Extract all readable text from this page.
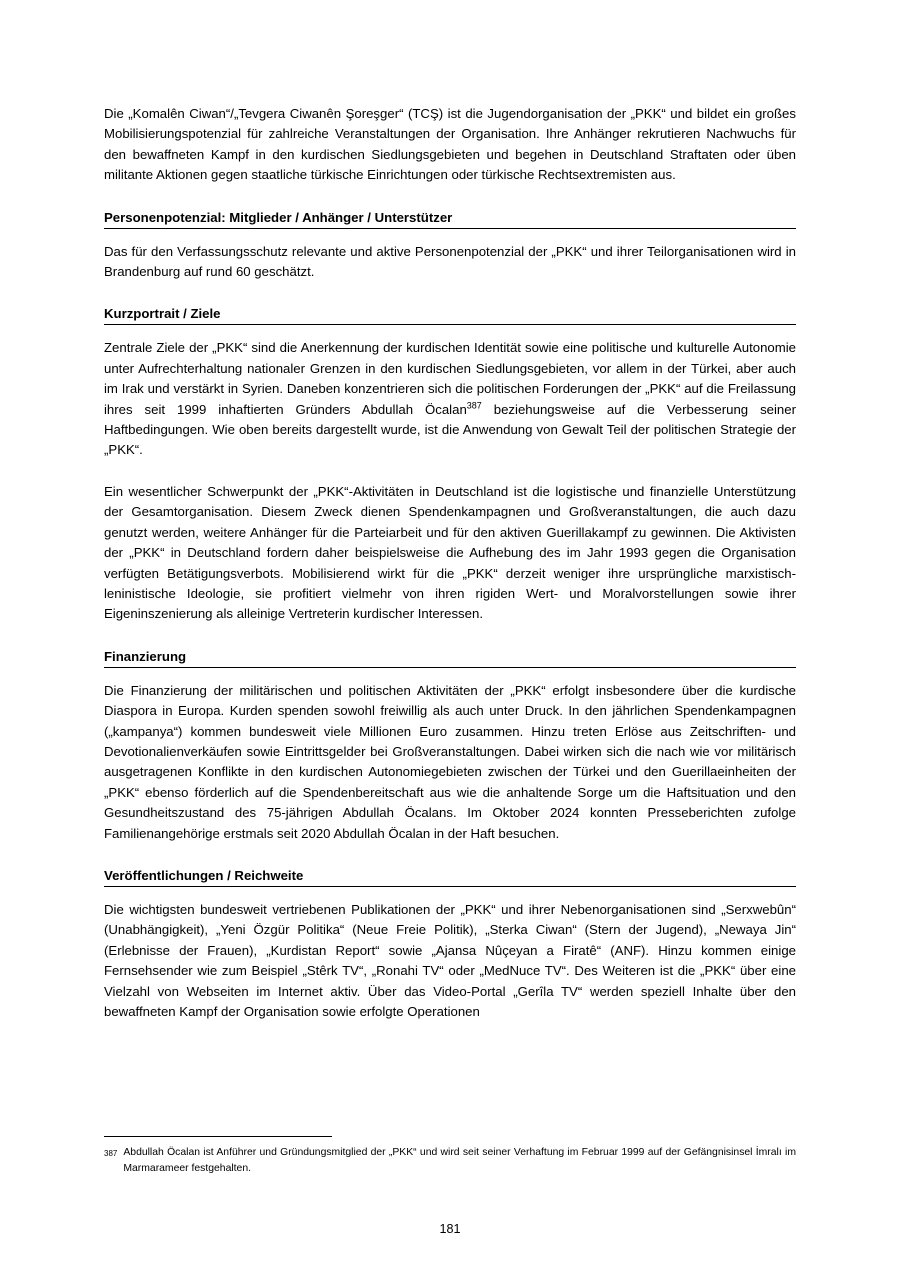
Die „Komalên Ciwan“/„Tevgera Ciwanên Şoreşger“ (TCŞ) ist die Jugendorganisation der „PKK“ und bildet ein großes Mobilisierungspotenzial für zahlreiche Veranstaltungen der Organisation. Ihre Anhänger rekrutieren Nachwuchs für den bewaffneten Kampf in den kurdischen Siedlungsgebieten und begehen in Deutschland Straftaten oder üben militante Aktionen gegen staatliche türkische Einrichtungen oder türkische Rechtsextremisten aus.

Personenpotenzial: Mitglieder / Anhänger / Unterstützer

Das für den Verfassungsschutz relevante und aktive Personenpotenzial der „PKK“ und ihrer Teilorganisationen wird in Brandenburg auf rund 60 geschätzt.

Kurzportrait / Ziele

Zentrale Ziele der „PKK“ sind die Anerkennung der kurdischen Identität sowie eine politische und kulturelle Autonomie unter Aufrechterhaltung nationaler Grenzen in den kurdischen Siedlungsgebieten, vor allem in der Türkei, aber auch im Irak und verstärkt in Syrien. Daneben konzentrieren sich die politischen Forderungen der „PKK“ auf die Freilassung ihres seit 1999 inhaftierten Gründers Abdullah Öcalan$^{387}$ beziehungsweise auf die Verbesserung seiner Haftbedingungen. Wie oben bereits dargestellt wurde, ist die Anwendung von Gewalt Teil der politischen Strategie der „PKK“.

Ein wesentlicher Schwerpunkt der „PKK“-Aktivitäten in Deutschland ist die logistische und finanzielle Unterstützung der Gesamtorganisation. Diesem Zweck dienen Spendenkampagnen und Großveranstaltungen, die auch dazu genutzt werden, weitere Anhänger für die Parteiarbeit und für den aktiven Guerillakampf zu gewinnen. Die Aktivisten der „PKK“ in Deutschland fordern daher beispielsweise die Aufhebung des im Jahr 1993 gegen die Organisation verfügten Betätigungsverbots. Mobilisierend wirkt für die „PKK“ derzeit weniger ihre ursprüngliche marxistisch-leninistische Ideologie, sie profitiert vielmehr von ihren rigiden Wert- und Moralvorstellungen sowie ihrer Eigeninszenierung als alleinige Vertreterin kurdischer Interessen.

Finanzierung

Die Finanzierung der militärischen und politischen Aktivitäten der „PKK“ erfolgt insbesondere über die kurdische Diaspora in Europa. Kurden spenden sowohl freiwillig als auch unter Druck. In den jährlichen Spendenkampagnen („kampanya“) kommen bundesweit viele Millionen Euro zusammen. Hinzu treten Erlöse aus Zeitschriften- und Devotionalienverkäufen sowie Eintrittsgelder bei Großveranstaltungen. Dabei wirken sich die nach wie vor militärisch ausgetragenen Konflikte in den kurdischen Autonomiegebieten zwischen der Türkei und den Guerillaeinheiten der „PKK“ ebenso förderlich auf die Spendenbereitschaft aus wie die anhaltende Sorge um die Haftsituation und den Gesundheitszustand des 75-jährigen Abdullah Öcalans. Im Oktober 2024 konnten Presseberichten zufolge Familienangehörige erstmals seit 2020 Abdullah Öcalan in der Haft besuchen.

Veröffentlichungen / Reichweite

Die wichtigsten bundesweit vertriebenen Publikationen der „PKK“ und ihrer Nebenorganisationen sind „Serxwebûn“ (Unabhängigkeit), „Yeni Özgür Politika“ (Neue Freie Politik), „Sterka Ciwan“ (Stern der Jugend), „Newaya Jin“ (Erlebnisse der Frauen), „Kurdistan Report“ sowie „Ajansa Nûçeyan a Firatê“ (ANF). Hinzu kommen einige Fernsehsender wie zum Beispiel „Stêrk TV“, „Ronahi TV“ oder „MedNuce TV“. Des Weiteren ist die „PKK“ über eine Vielzahl von Webseiten im Internet aktiv. Über das Video-Portal „Gerîla TV“ werden speziell Inhalte über den bewaffneten Kampf der Organisation sowie erfolgte Operationen

387 Abdullah Öcalan ist Anführer und Gründungsmitglied der „PKK“ und wird seit seiner Verhaftung im Februar 1999 auf der Gefängnisinsel İmralı im Marmarameer festgehalten.
181
